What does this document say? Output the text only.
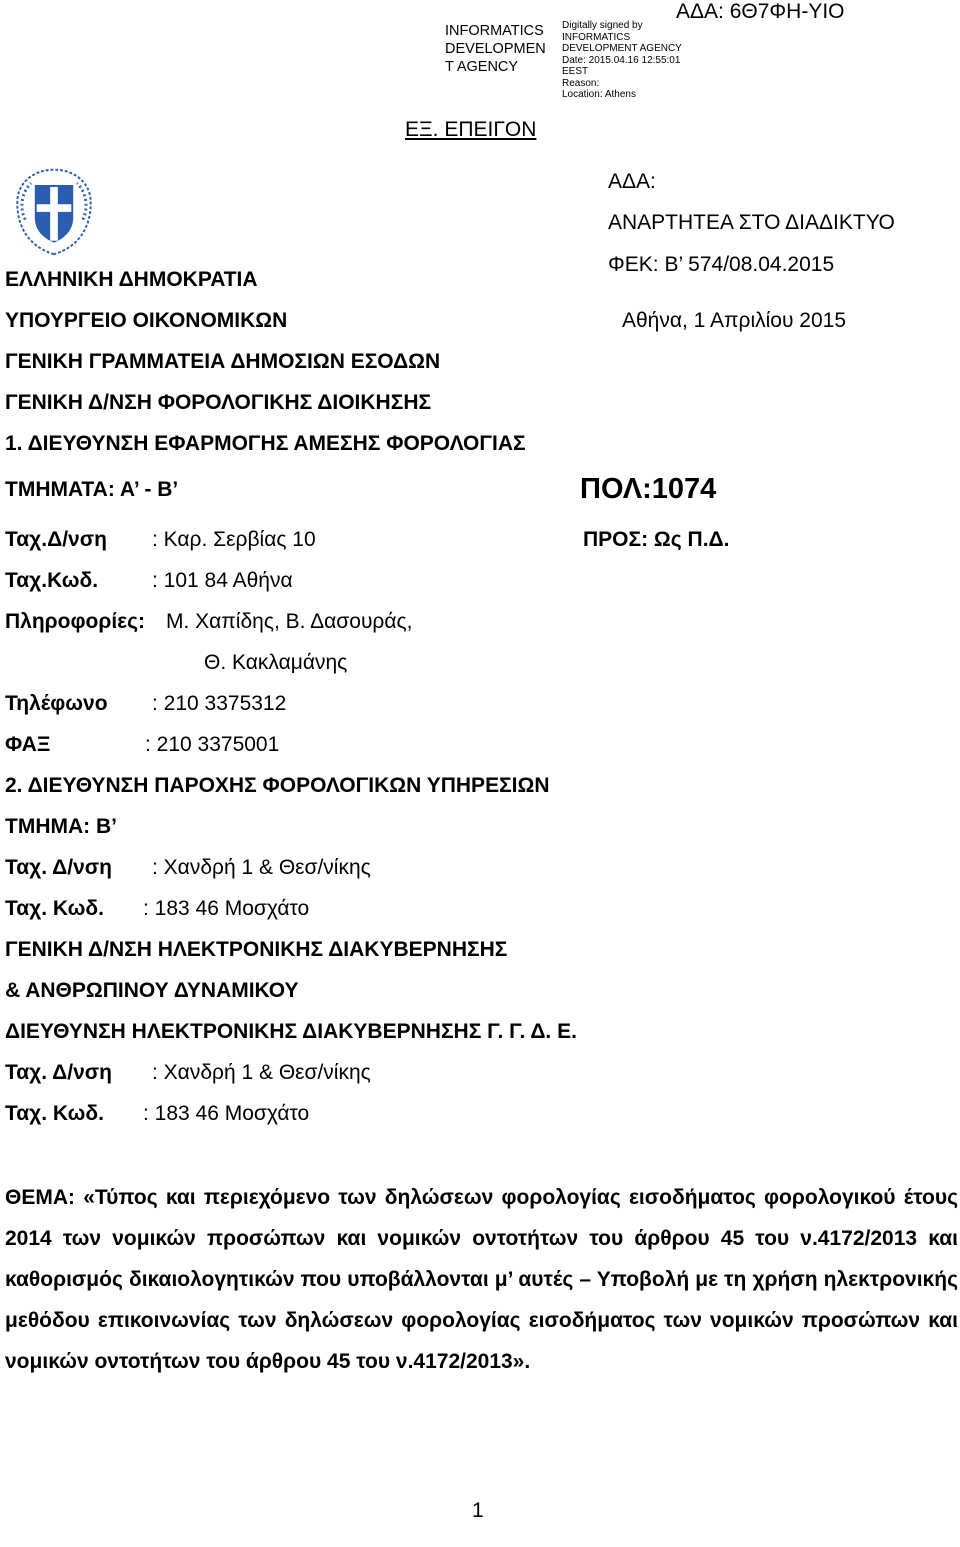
INFORMATICS DEVELOPMEN T AGENCY
Digitally signed by
INFORMATICS
DEVELOPMENT AGENCY
Date: 2015.04.16 12:55:01
EEST
Reason:
Location: Athens
ΑΔΑ: 6Θ7ΦΗ-ΥΙΟ
ΕΞ. ΕΠΕΙΓΟΝ
ΑΔΑ:
ΑΝΑΡΤΗΤΕΑ ΣΤΟ ΔΙΑΔΙΚΤΥΟ
ΦΕΚ: Β’ 574/08.04.2015
Αθήνα, 1 Απριλίου 2015
ΠΟΛ:1074
ΠΡΟΣ: Ως Π.Δ.
ΕΛΛΗΝΙΚΗ ΔΗΜΟΚΡΑΤΙΑ
ΥΠΟΥΡΓΕΙΟ ΟΙΚΟΝΟΜΙΚΩΝ
ΓΕΝΙΚΗ ΓΡΑΜΜΑΤΕΙΑ ΔΗΜΟΣΙΩΝ ΕΣΟΔΩΝ
ΓΕΝΙΚΗ Δ/ΝΣΗ ΦΟΡΟΛΟΓΙΚΗΣ ΔΙΟΙΚΗΣΗΣ
1. ΔΙΕΥΘΥΝΣΗ ΕΦΑΡΜΟΓΗΣ ΑΜΕΣΗΣ ΦΟΡΟΛΟΓΙΑΣ
ΤΜΗΜΑΤΑ: Α’ - Β’
Ταχ.Δ/νση : Καρ. Σερβίας 10
Ταχ.Κωδ.	: 101 84 Αθήνα
Πληροφορίες: Μ. Χαπίδης, Β. Δασουράς,
Θ. Κακλαμάνης
Τηλέφωνο : 210 3375312
ΦΑΞ	: 210 3375001
2. ΔΙΕΥΘΥΝΣΗ ΠΑΡΟΧΗΣ ΦΟΡΟΛΟΓΙΚΩΝ ΥΠΗΡΕΣΙΩΝ
ΤΜΗΜΑ: Β’
Ταχ. Δ/νση : Χανδρή 1 & Θεσ/νίκης
Ταχ. Κωδ. : 183 46 Μοσχάτο
ΓΕΝΙΚΗ Δ/ΝΣΗ ΗΛΕΚΤΡΟΝΙΚΗΣ ΔΙΑΚΥΒΕΡΝΗΣΗΣ
& ΑΝΘΡΩΠΙΝΟΥ ΔΥΝΑΜΙΚΟΥ
ΔΙΕΥΘΥΝΣΗ ΗΛΕΚΤΡΟΝΙΚΗΣ ΔΙΑΚΥΒΕΡΝΗΣΗΣ Γ. Γ. Δ. Ε.
Ταχ. Δ/νση : Χανδρή 1 & Θεσ/νίκης
Ταχ. Κωδ. : 183 46 Μοσχάτο
ΘΕΜΑ: «Τύπος και περιεχόμενο των δηλώσεων φορολογίας εισοδήματος φορολογικού έτους 2014 των νομικών προσώπων και νομικών οντοτήτων του άρθρου 45 του ν.4172/2013 και καθορισμός δικαιολογητικών που υποβάλλονται μ’ αυτές – Υποβολή με τη χρήση ηλεκτρονικής μεθόδου επικοινωνίας των δηλώσεων φορολογίας εισοδήματος των νομικών προσώπων και νομικών οντοτήτων του άρθρου 45 του ν.4172/2013».
1
